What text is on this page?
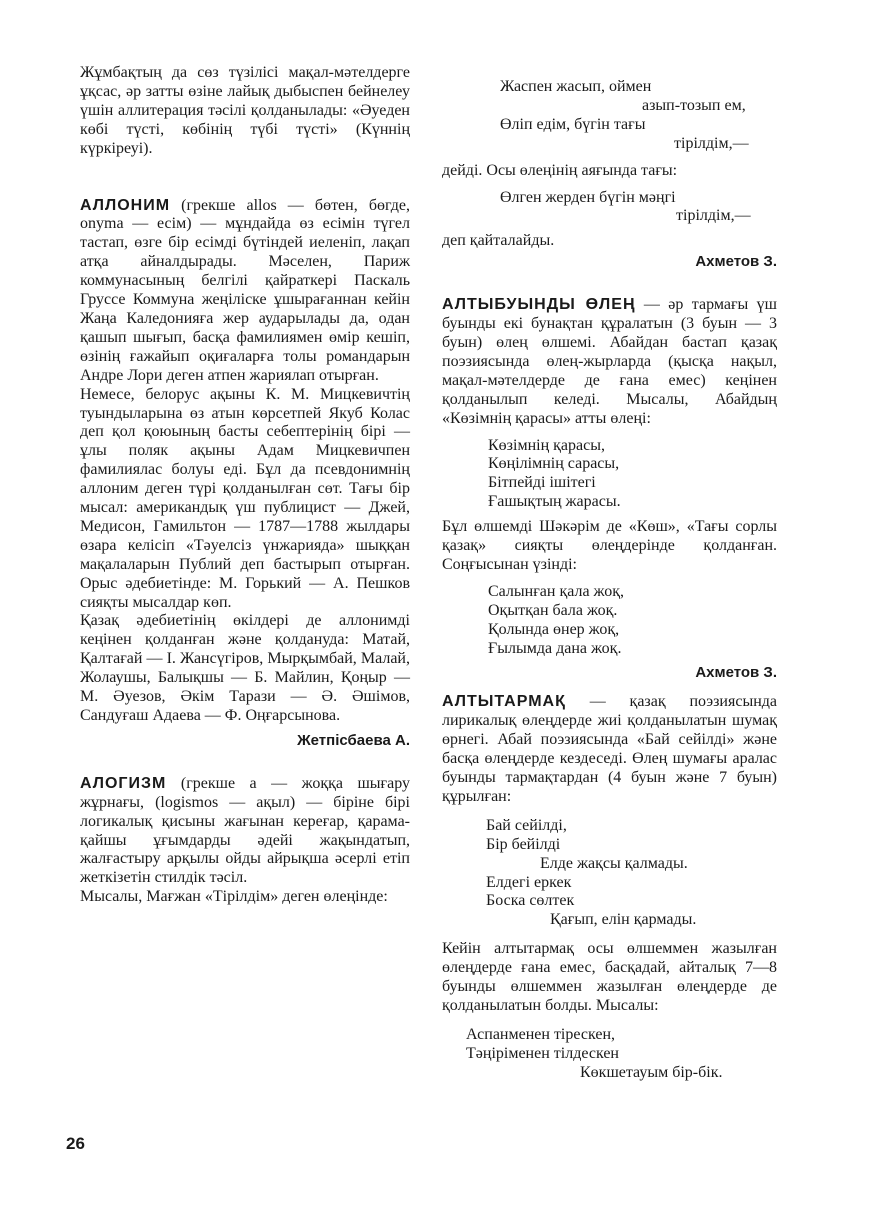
Жұмбақтың да сөз түзілісі мақал-мәтелдерге ұқсас, әр затты өзіне лайық дыбыспен бейнелеу үшін аллитерация тәсілі қолданылады: «Әуеден көбі түсті, көбінің түбі түсті» (Күннің күркіреуі).

АЛЛОНИМ (грекше allos — бөтен, бөгде, onyma — есім) — мұндайда өз есімін түгел тастап, өзге бір есімді бүтіндей иеленіп, лақап атқа айналдырады. Мәселен, Париж коммунасының белгілі қайраткері Паскаль Груссе Коммуна жеңіліске ұшырағаннан кейін Жаңа Каледонияға жер аударылады да, одан қашып шығып, басқа фамилиямен өмір кешіп, өзінің ғажайып оқиғаларға толы романдарын Андре Лори деген атпен жариялап отырған.

Немесе, белорус ақыны К. М. Мицкевичтің туындыларына өз атын көрсетпей Якуб Колас деп қол қоюының басты себептерінің бірі — ұлы поляк ақыны Адам Мицкевичпен фамилиялас болуы еді. Бұл да псевдонимнің аллоним деген түрі қолданылған сөт. Тағы бір мысал: американдық үш публицист — Джей, Медисон, Гамильтон — 1787—1788 жылдары өзара келісіп «Тәуелсіз үнжарияда» шыққан мақалаларын Публий деп бастырып отырған. Орыс әдебиетінде: М. Горький — А. Пешков сияқты мысалдар көп.

Қазақ әдебиетінің өкілдері де аллонимді кеңінен қолданған және қолдануда: Матай, Қалтағай — І. Жансүгіров, Мырқымбай, Малай, Жолаушы, Балықшы — Б. Майлин, Қоңыр — М. Әуезов, Әкім Тарази — Ә. Әшімов, Сандуғаш Адаева — Ф. Оңғарсынова.

Жетпісбаева А.

АЛОГИЗМ (грекше а — жоққа шығару жұрнағы, (logismos — ақыл) — біріне бірі логикалық қисыны жағынан кереғар, қарама-қайшы ұғымдарды әдейі жақындатып, жалғастыру арқылы ойды айрықша әсерлі етіп жеткізетін стилдік тәсіл.

Мысалы, Мағжан «Тірілдім» деген өлеңінде:

Жаспен жасып, оймен
азып-тозып ем,
Өліп едім, бүгін тағы
тірілдім,—

дейді. Осы өлеңінің аяғында тағы:

Өлген жерден бүгін мәңгі
тірілдім,—

деп қайталайды.

Ахметов З.

АЛТЫБУЫНДЫ ӨЛЕҢ — әр тармағы үш буынды екі бунақтан құралатын (3 буын — 3 буын) өлең өлшемі. Абайдан бастап қазақ поэзиясында өлең-жырларда (қысқа нақыл, мақал-мәтелдерде де ғана емес) кеңінен қолданылып келеді. Мысалы, Абайдың «Көзімнің қарасы» атты өлеңі:

Көзімнің қарасы,
Көңілімнің сарасы,
Бітпейді ішітегі
Ғашықтың жарасы.

Бұл өлшемді Шәкәрім де «Көш», «Тағы сорлы қазақ» сияқты өлеңдерінде қолданған. Соңғысынан үзінді:

Салынған қала жоқ,
Оқытқан бала жоқ.
Қолында өнер жоқ,
Ғылымда дана жоқ.
Ахметов З.

АЛТЫТАРМАҚ — қазақ поэзиясында лирикалық өлеңдерде жиі қолданылатын шумақ өрнегі. Абай поэзиясында «Бай сейілді» және басқа өлеңдерде кездеседі. Өлең шумағы аралас буынды тармақтардан (4 буын және 7 буын) құрылған:

Бай сейілді,
Бір бейілді
Елде жақсы қалмады.
Елдегі еркек
Боска сөлтек
Қағып, елін қармады.

Кейін алтытармақ осы өлшеммен жазылған өлеңдерде ғана емес, басқадай, айталық 7—8 буынды өлшеммен жазылған өлеңдерде де қолданылатын болды. Мысалы:

Аспанменен тірескен,
Тәңіріменен тілдескен
Көкшетауым бір-бік.
26
